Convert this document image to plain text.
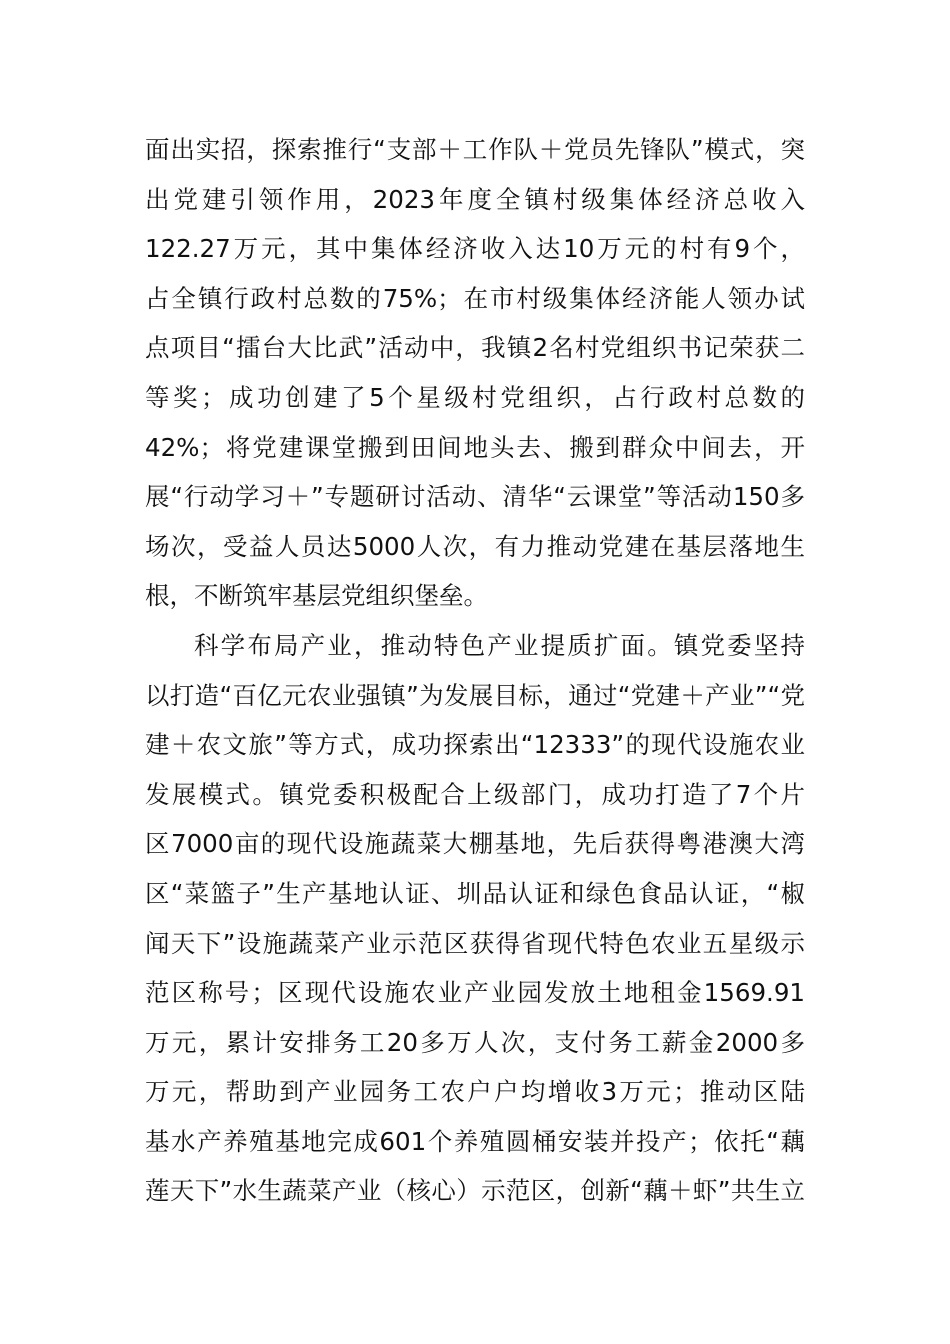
面出实招，探索推行“支部＋工作队＋党员先锋队”模式，突
出党建引领作用，2023年度全镇村级集体经济总收入
122.27万元，其中集体经济收入达10万元的村有9个，
占全镇行政村总数的75%；在市村级集体经济能人领办试
点项目“擂台大比武”活动中，我镇2名村党组织书记荣获二
等奖；成功创建了5个星级村党组织，占行政村总数的
42%；将党建课堂搬到田间地头去、搬到群众中间去，开
展“行动学习＋”专题研讨活动、清华“云课堂”等活动150多
场次，受益人员达5000人次，有力推动党建在基层落地生
根，不断筑牢基层党组织堡垒。
科学布局产业，推动特色产业提质扩面。镇党委坚持
以打造“百亿元农业强镇”为发展目标，通过“党建＋产业”“党
建＋农文旅”等方式，成功探索出“12333”的现代设施农业
发展模式。镇党委积极配合上级部门，成功打造了7个片
区7000亩的现代设施蔬菜大棚基地，先后获得粤港澳大湾
区“菜篮子”生产基地认证、圳品认证和绿色食品认证，“椒
闻天下”设施蔬菜产业示范区获得省现代特色农业五星级示
范区称号；区现代设施农业产业园发放土地租金1569.91
万元，累计安排务工20多万人次，支付务工薪金2000多
万元，帮助到产业园务工农户户均增收3万元；推动区陆
基水产养殖基地完成601个养殖圆桶安装并投产；依托“藕
莲天下”水生蔬菜产业（核心）示范区，创新“藕＋虾”共生立
